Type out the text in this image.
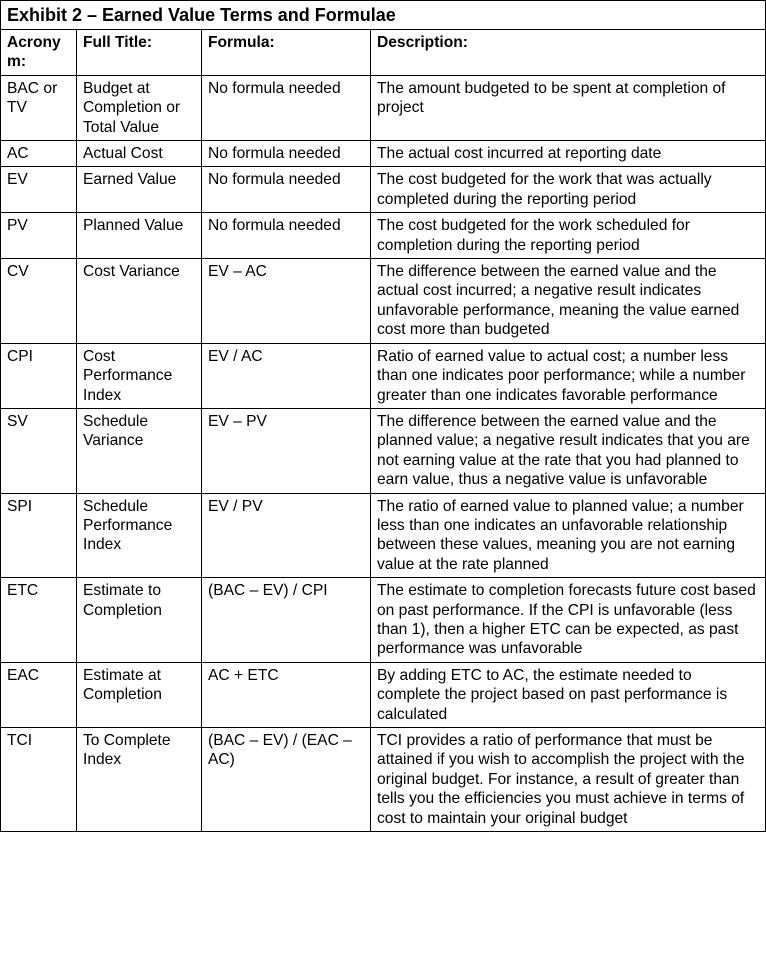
Exhibit 2 – Earned Value Terms and Formulae			
Acronym:	Full Title:	Formula:	Description:
BAC or TV	Budget at Completion or Total Value	No formula needed	The amount budgeted to be spent at completion of project
AC	Actual Cost	No formula needed	The actual cost incurred at reporting date
EV	Earned Value	No formula needed	The cost budgeted for the work that was actually completed during the reporting period
PV	Planned Value	No formula needed	The cost budgeted for the work scheduled for completion during the reporting period
CV	Cost Variance	EV – AC	The difference between the earned value and the actual cost incurred; a negative result indicates unfavorable performance, meaning the value earned cost more than budgeted
CPI	Cost Performance Index	EV / AC	Ratio of earned value to actual cost; a number less than one indicates poor performance; while a number greater than one indicates favorable performance
SV	Schedule Variance	EV – PV	The difference between the earned value and the planned value; a negative result indicates that you are not earning value at the rate that you had planned to earn value, thus a negative value is unfavorable
SPI	Schedule Performance Index	EV / PV	The ratio of earned value to planned value; a number less than one indicates an unfavorable relationship between these values, meaning you are not earning value at the rate planned
ETC	Estimate to Completion	(BAC – EV) / CPI	The estimate to completion forecasts future cost based on past performance. If the CPI is unfavorable (less than 1), then a higher ETC can be expected, as past performance was unfavorable
EAC	Estimate at Completion	AC + ETC	By adding ETC to AC, the estimate needed to complete the project based on past performance is calculated
TCI	To Complete Index	(BAC – EV) / (EAC – AC)	TCI provides a ratio of performance that must be attained if you wish to accomplish the project with the original budget. For instance, a result of greater than tells you the efficiencies you must achieve in terms of cost to maintain your original budget
